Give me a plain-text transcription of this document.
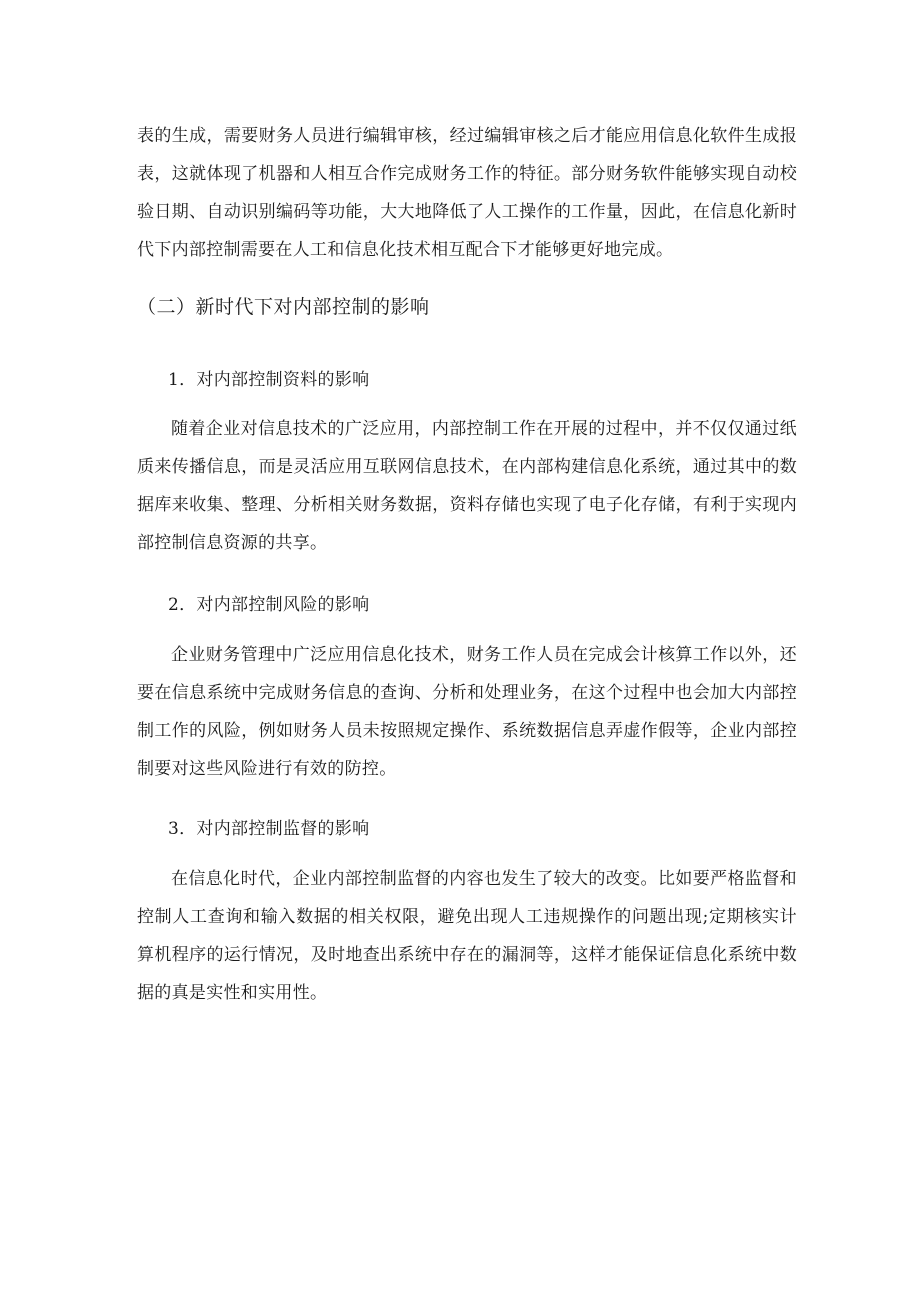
表的生成，需要财务人员进行编辑审核，经过编辑审核之后才能应用信息化软件生成报表，这就体现了机器和人相互合作完成财务工作的特征。部分财务软件能够实现自动校验日期、自动识别编码等功能，大大地降低了人工操作的工作量，因此，在信息化新时代下内部控制需要在人工和信息化技术相互配合下才能够更好地完成。

（二）新时代下对内部控制的影响
1．对内部控制资料的影响

随着企业对信息技术的广泛应用，内部控制工作在开展的过程中，并不仅仅通过纸质来传播信息，而是灵活应用互联网信息技术，在内部构建信息化系统，通过其中的数据库来收集、整理、分析相关财务数据，资料存储也实现了电子化存储，有利于实现内部控制信息资源的共享。

2．对内部控制风险的影响

企业财务管理中广泛应用信息化技术，财务工作人员在完成会计核算工作以外，还要在信息系统中完成财务信息的查询、分析和处理业务，在这个过程中也会加大内部控制工作的风险，例如财务人员未按照规定操作、系统数据信息弄虚作假等，企业内部控制要对这些风险进行有效的防控。

3．对内部控制监督的影响

在信息化时代，企业内部控制监督的内容也发生了较大的改变。比如要严格监督和控制人工查询和输入数据的相关权限，避免出现人工违规操作的问题出现;定期核实计算机程序的运行情况，及时地查出系统中存在的漏洞等，这样才能保证信息化系统中数据的真是实性和实用性。
